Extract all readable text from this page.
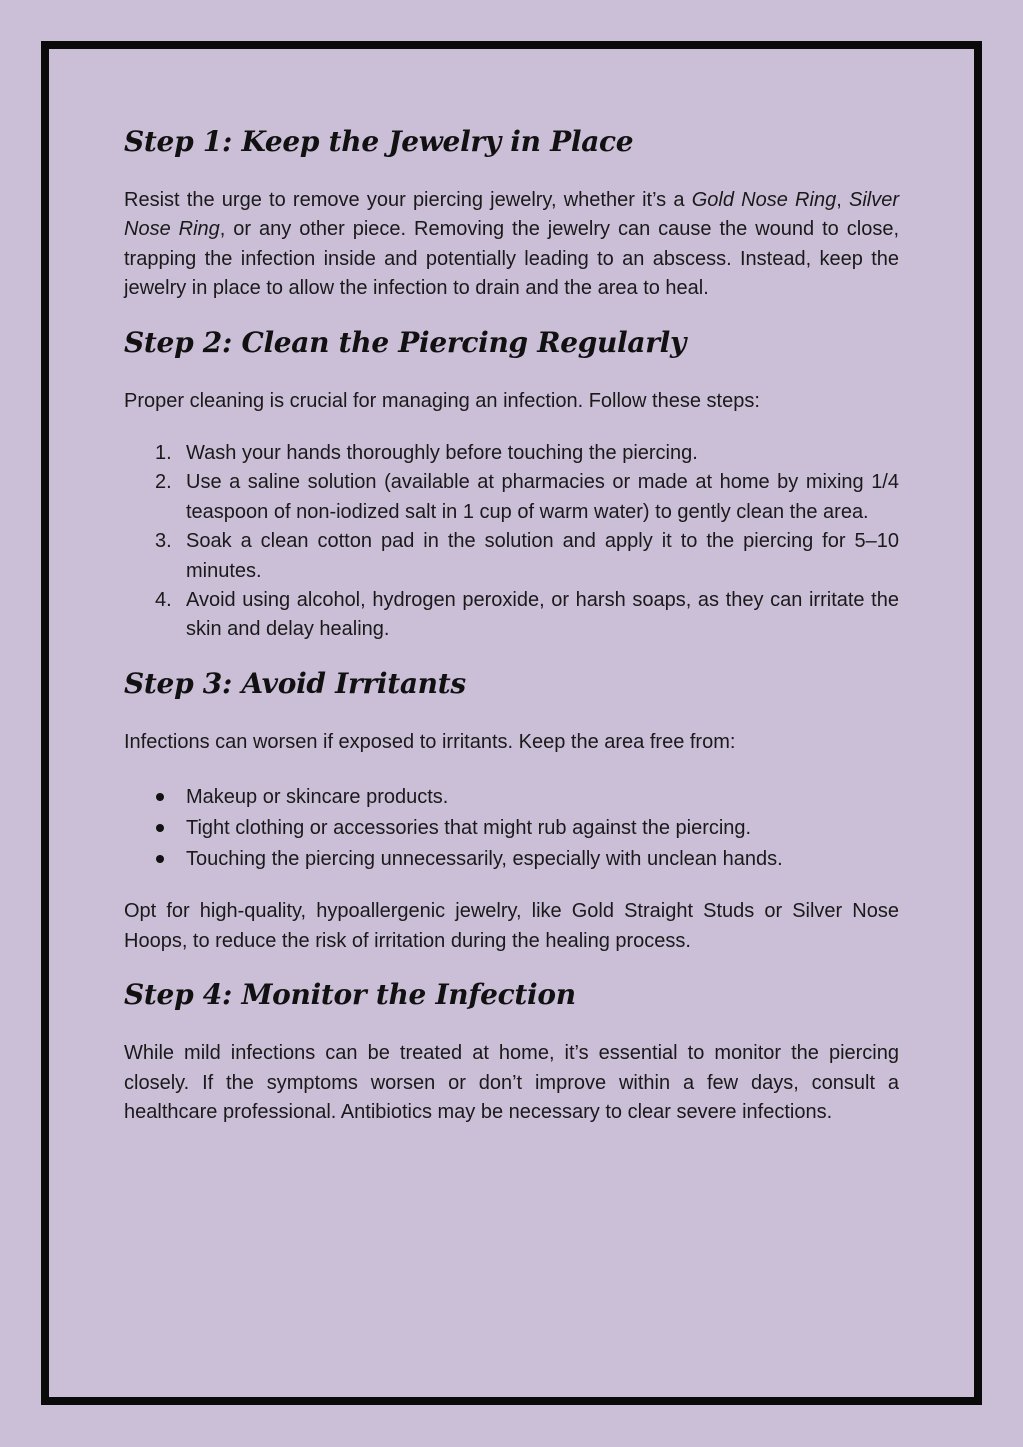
Step 1: Keep the Jewelry in Place

Resist the urge to remove your piercing jewelry, whether it’s a Gold Nose Ring, Silver Nose Ring, or any other piece. Removing the jewelry can cause the wound to close, trapping the infection inside and potentially leading to an abscess. Instead, keep the jewelry in place to allow the infection to drain and the area to heal.

Step 2: Clean the Piercing Regularly

Proper cleaning is crucial for managing an infection. Follow these steps:

1. Wash your hands thoroughly before touching the piercing.
2. Use a saline solution (available at pharmacies or made at home by mixing 1/4 teaspoon of non-iodized salt in 1 cup of warm water) to gently clean the area.
3. Soak a clean cotton pad in the solution and apply it to the piercing for 5–10 minutes.
4. Avoid using alcohol, hydrogen peroxide, or harsh soaps, as they can irritate the skin and delay healing.
Step 3: Avoid Irritants

Infections can worsen if exposed to irritants. Keep the area free from:

Makeup or skincare products.
Tight clothing or accessories that might rub against the piercing.
Touching the piercing unnecessarily, especially with unclean hands.

Opt for high-quality, hypoallergenic jewelry, like Gold Straight Studs or Silver Nose Hoops, to reduce the risk of irritation during the healing process.

Step 4: Monitor the Infection

While mild infections can be treated at home, it’s essential to monitor the piercing closely. If the symptoms worsen or don’t improve within a few days, consult a healthcare professional. Antibiotics may be necessary to clear severe infections.
